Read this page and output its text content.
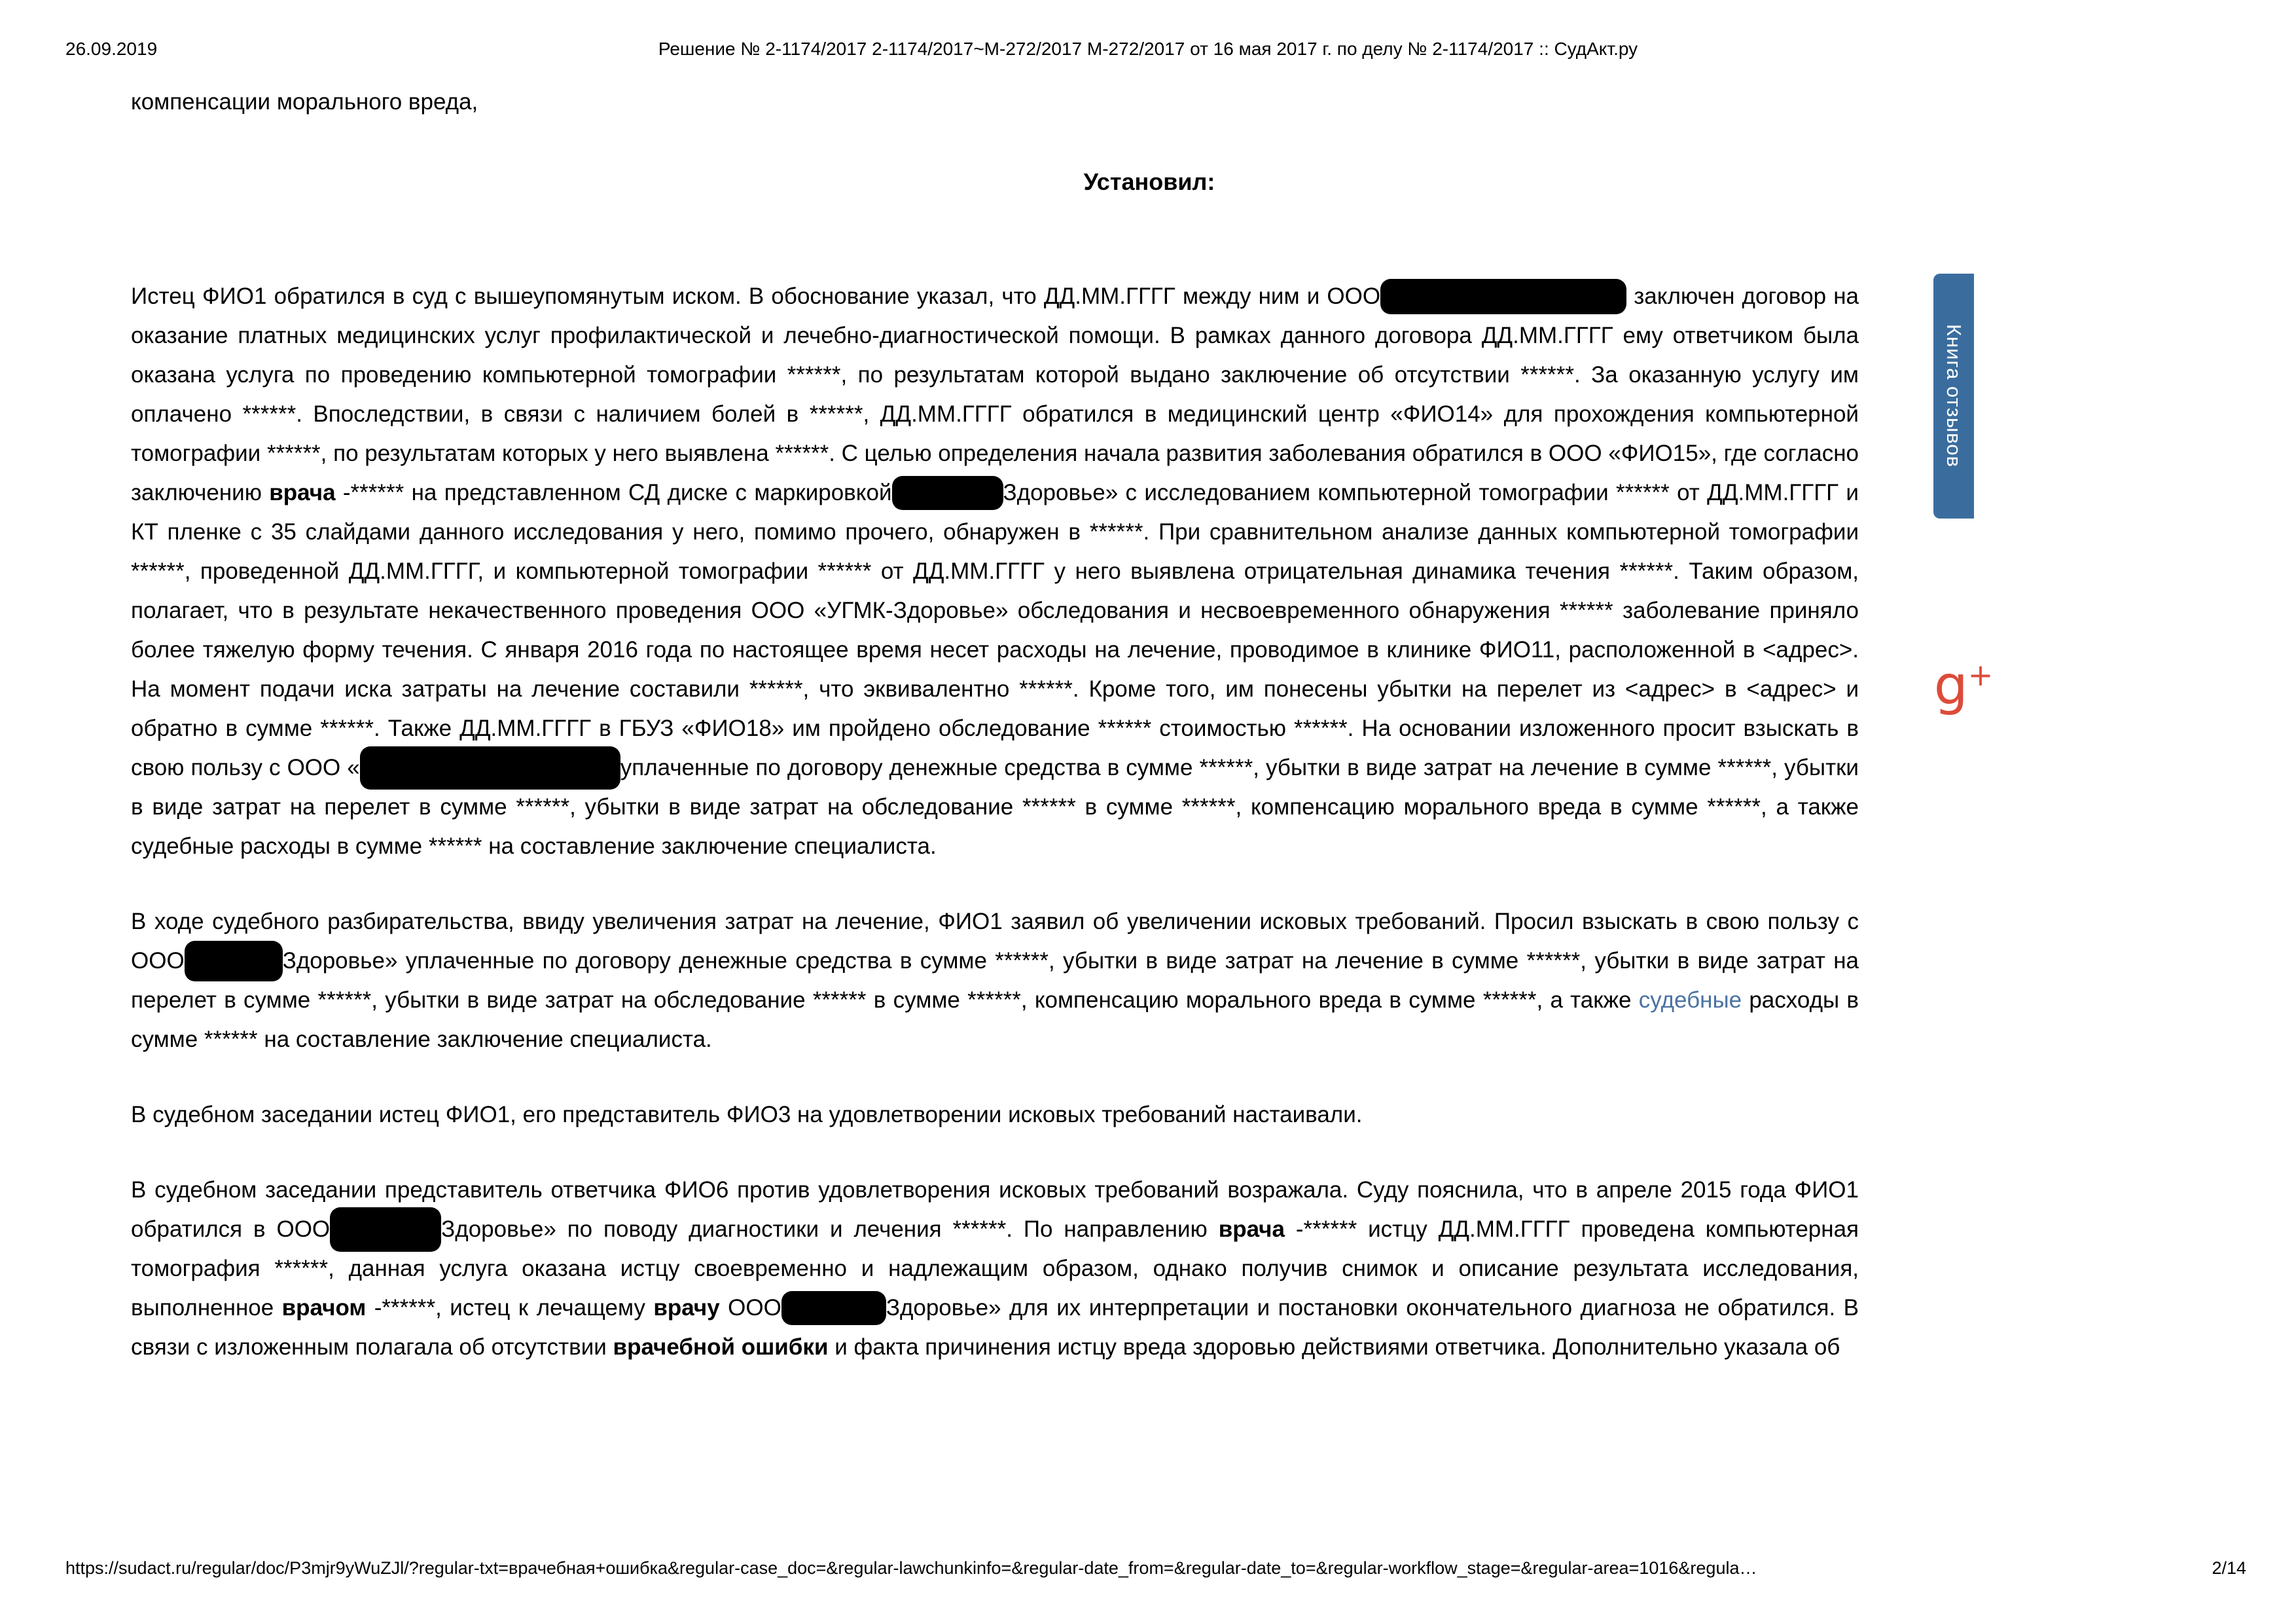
26.09.2019	Решение № 2-1174/2017 2-1174/2017~М-272/2017 М-272/2017 от 16 мая 2017 г. по делу № 2-1174/2017 :: СудАкт.ру

компенсации морального вреда,

Установил:

Истец ФИО1 обратился в суд с вышеупомянутым иском. В обоснование указал, что ДД.ММ.ГГГГ между ним и ООО	заключен договор на оказание платных медицинских услуг профилактической и лечебно-диагностической помощи. В рамках данного договора ДД.ММ.ГГГГ ему ответчиком была оказана услуга по проведению компьютерной томографии ******, по результатам которой выдано заключение об отсутствии ******. За оказанную услугу им оплачено ******. Впоследствии, в связи с наличием болей в ******, ДД.ММ.ГГГГ обратился в медицинский центр «ФИО14» для прохождения компьютерной томографии ******, по результатам которых у него выявлена ******. С целью определения начала развития заболевания обратился в ООО «ФИО15», где согласно заключению врача -****** на представленном СД диске с маркировкой	Здоровье» с исследованием компьютерной томографии ****** от ДД.ММ.ГГГГ и КТ пленке с 35 слайдами данного исследования у него, помимо прочего, обнаружен в ******. При сравнительном анализе данных компьютерной томографии ******, проведенной ДД.ММ.ГГГГ, и компьютерной томографии ****** от ДД.ММ.ГГГГ у него выявлена отрицательная динамика течения ******. Таким образом, полагает, что в результате некачественного проведения ООО «УГМК-Здоровье» обследования и несвоевременного обнаружения ****** заболевание приняло более тяжелую форму течения. С января 2016 года по настоящее время несет расходы на лечение, проводимое в клинике ФИО11, расположенной в <адрес>. На момент подачи иска затраты на лечение составили ******, что эквивалентно ******. Кроме того, им понесены убытки на перелет из <адрес> в <адрес> и обратно в сумме ******. Также ДД.ММ.ГГГГ в ГБУЗ «ФИО18» им пройдено обследование ****** стоимостью ******. На основании изложенного просит взыскать в свою пользу с ООО «	уплаченные по договору денежные средства в сумме ******, убытки в виде затрат на лечение в сумме ******, убытки в виде затрат на перелет в сумме ******, убытки в виде затрат на обследование ****** в сумме ******, компенсацию морального вреда в сумме ******, а также судебные расходы в сумме ****** на составление заключение специалиста.

В ходе судебного разбирательства, ввиду увеличения затрат на лечение, ФИО1 заявил об увеличении исковых требований. Просил взыскать в свою пользу с ООО	Здоровье» уплаченные по договору денежные средства в сумме ******, убытки в виде затрат на лечение в сумме ******, убытки в виде затрат на перелет в сумме ******, убытки в виде затрат на обследование ****** в сумме ******, компенсацию морального вреда в сумме ******, а также судебные расходы в сумме ****** на составление заключение специалиста.

В судебном заседании истец ФИО1, его представитель ФИО3 на удовлетворении исковых требований настаивали.

В судебном заседании представитель ответчика ФИО6 против удовлетворения исковых требований возражала. Суду пояснила, что в апреле 2015 года ФИО1 обратился в ООО	Здоровье» по поводу диагностики и лечения ******. По направлению врача -****** истцу ДД.ММ.ГГГГ проведена компьютерная томография ******, данная услуга оказана истцу своевременно и надлежащим образом, однако получив снимок и описание результата исследования, выполненное врачом -******, истец к лечащему врачу ООО	Здоровье» для их интерпретации и постановки окончательного диагноза не обратился. В связи с изложенным полагала об отсутствии врачебной ошибки и факта причинения истцу вреда здоровью действиями ответчика. Дополнительно указала об

Книга отзывов
g +
https://sudact.ru/regular/doc/P3mjr9yWuZJl/?regular-txt=врачебная+ошибка&regular-case_doc=&regular-lawchunkinfo=&regular-date_from=&regular-date_to=&regular-workflow_stage=&regular-area=1016&regula…	2/14
